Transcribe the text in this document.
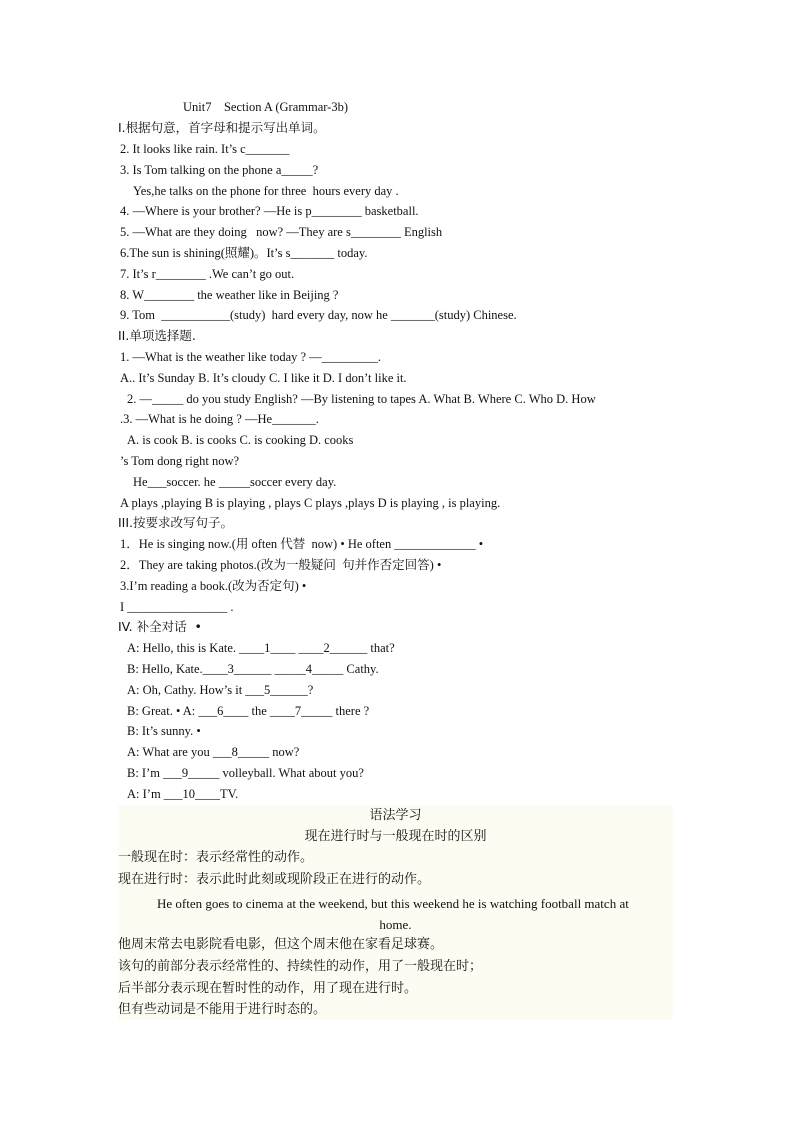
Unit7    Section A (Grammar-3b)
I.根据句意，首字母和提示写出单词。
2. It looks like rain. It’s c_______
3. Is Tom talking on the phone a_____?
Yes,he talks on the phone for three  hours every day .
4. —Where is your brother? —He is p________ basketball.
5. —What are they doing   now? —They are s________ English
6.The sun is shining(照耀)。It’s s_______ today.
7. It’s r________ .We can’t go out.
8. W________ the weather like in Beijing ?
9. Tom  ___________(study)  hard every day, now he _______(study) Chinese.
II.单项选择题.
1. —What is the weather like today ? —_________.
A.. It’s Sunday B. It’s cloudy C. I like it D. I don’t like it.
2. —_____ do you study English? —By listening to tapes A. What B. Where C. Who D. How
.3. —What is he doing ? —He_______.
A. is cook B. is cooks C. is cooking D. cooks
’s Tom dong right now?
He___soccer. he _____soccer every day.
A plays ,playing B is playing , plays C plays ,plays D is playing , is playing.
III.按要求改写句子。
1．He is singing now.(用 often 代替  now) • He often _____________ •
2．They are taking photos.(改为一般疑问  句并作否定回答) •
3.I’m reading a book.(改为否定句) •
I ________________ .
IV. 补全对话  •
A: Hello, this is Kate. ____1____ ____2______ that?
B: Hello, Kate.____3______ _____4_____ Cathy.
A: Oh, Cathy. How’s it ___5______?
B: Great. • A: ___6____ the ____7_____ there ?
B: It’s sunny. •
A: What are you ___8_____ now?
B: I’m ___9_____ volleyball. What about you?
A: I’m ___10____TV.
语法学习
现在进行时与一般现在时的区别
一般现在时：表示经常性的动作。
现在进行时：表示此时此刻或现阶段正在进行的动作。
He often goes to cinema at the weekend, but this weekend he is watching football match at
home.
他周末常去电影院看电影，但这个周末他在家看足球赛。
该句的前部分表示经常性的、持续性的动作，用了一般现在时；
后半部分表示现在暂时性的动作，用了现在进行时。
但有些动词是不能用于进行时态的。
